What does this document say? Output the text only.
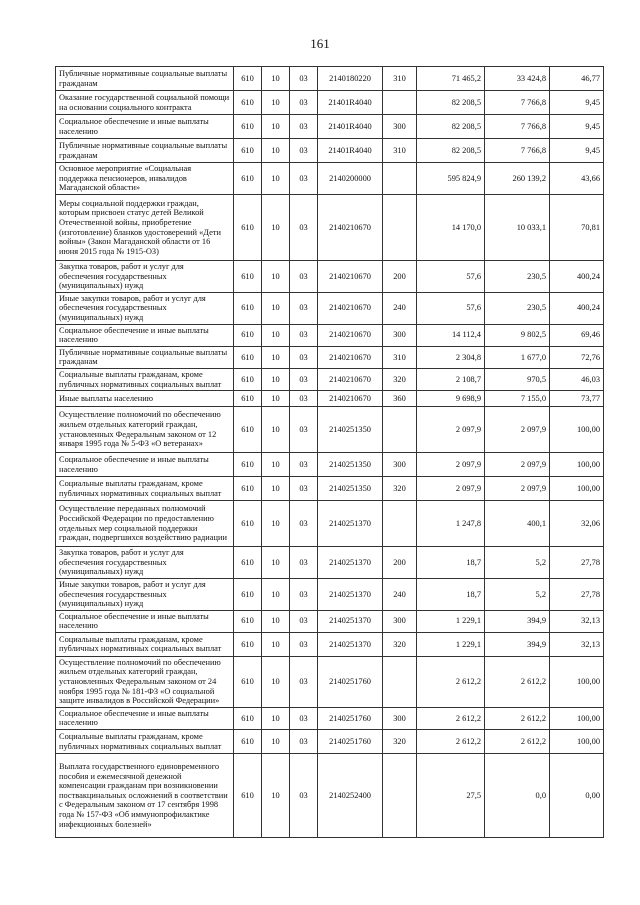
161
Публичные нормативные социальные выплаты гражданам	610	10	03	2140180220	310	71 465,2	33 424,8	46,77
Оказание государственной социальной помощи на основании социального контракта	610	10	03	21401R4040		82 208,5	7 766,8	9,45
Социальное обеспечение и иные выплаты населению	610	10	03	21401R4040	300	82 208,5	7 766,8	9,45
Публичные нормативные социальные выплаты гражданам	610	10	03	21401R4040	310	82 208,5	7 766,8	9,45
Основное мероприятие «Социальная поддержка пенсионеров, инвалидов Магаданской области»	610	10	03	2140200000		595 824,9	260 139,2	43,66
Меры социальной поддержки граждан, которым присвоен статус детей Великой Отечественной войны, приобретение (изготовление) бланков удостоверений «Дети войны» (Закон Магаданской области от 16 июня 2015 года № 1915-ОЗ)	610	10	03	2140210670		14 170,0	10 033,1	70,81
Закупка товаров, работ и услуг для обеспечения государственных (муниципальных) нужд	610	10	03	2140210670	200	57,6	230,5	400,24
Иные закупки товаров, работ и услуг для обеспечения государственных (муниципальных) нужд	610	10	03	2140210670	240	57,6	230,5	400,24
Социальное обеспечение и иные выплаты населению	610	10	03	2140210670	300	14 112,4	9 802,5	69,46
Публичные нормативные социальные выплаты гражданам	610	10	03	2140210670	310	2 304,8	1 677,0	72,76
Социальные выплаты гражданам, кроме публичных нормативных социальных выплат	610	10	03	2140210670	320	2 108,7	970,5	46,03
Иные выплаты населению	610	10	03	2140210670	360	9 698,9	7 155,0	73,77
Осуществление полномочий по обеспечению жильем отдельных категорий граждан, установленных Федеральным законом от 12 января 1995 года № 5-ФЗ «О ветеранах»	610	10	03	2140251350		2 097,9	2 097,9	100,00
Социальное обеспечение и иные выплаты населению	610	10	03	2140251350	300	2 097,9	2 097,9	100,00
Социальные выплаты гражданам, кроме публичных нормативных социальных выплат	610	10	03	2140251350	320	2 097,9	2 097,9	100,00
Осуществление переданных полномочий Российской Федерации по предоставлению отдельных мер социальной поддержки граждан, подвергшихся воздействию радиации	610	10	03	2140251370		1 247,8	400,1	32,06
Закупка товаров, работ и услуг для обеспечения государственных (муниципальных) нужд	610	10	03	2140251370	200	18,7	5,2	27,78
Иные закупки товаров, работ и услуг для обеспечения государственных (муниципальных) нужд	610	10	03	2140251370	240	18,7	5,2	27,78
Социальное обеспечение и иные выплаты населению	610	10	03	2140251370	300	1 229,1	394,9	32,13
Социальные выплаты гражданам, кроме публичных нормативных социальных выплат	610	10	03	2140251370	320	1 229,1	394,9	32,13
Осуществление полномочий по обеспечению жильем отдельных категорий граждан, установленных Федеральным законом от 24 ноября 1995 года № 181-ФЗ «О социальной защите инвалидов в Российской Федерации»	610	10	03	2140251760		2 612,2	2 612,2	100,00
Социальное обеспечение и иные выплаты населению	610	10	03	2140251760	300	2 612,2	2 612,2	100,00
Социальные выплаты гражданам, кроме публичных нормативных социальных выплат	610	10	03	2140251760	320	2 612,2	2 612,2	100,00
Выплата государственного единовременного пособия и ежемесячной денежной компенсации гражданам при возникновении поствакцинальных осложнений в соответствии с Федеральным законом от 17 сентября 1998 года № 157-ФЗ «Об иммунопрофилактике инфекционных болезней»	610	10	03	2140252400		27,5	0,0	0,00
